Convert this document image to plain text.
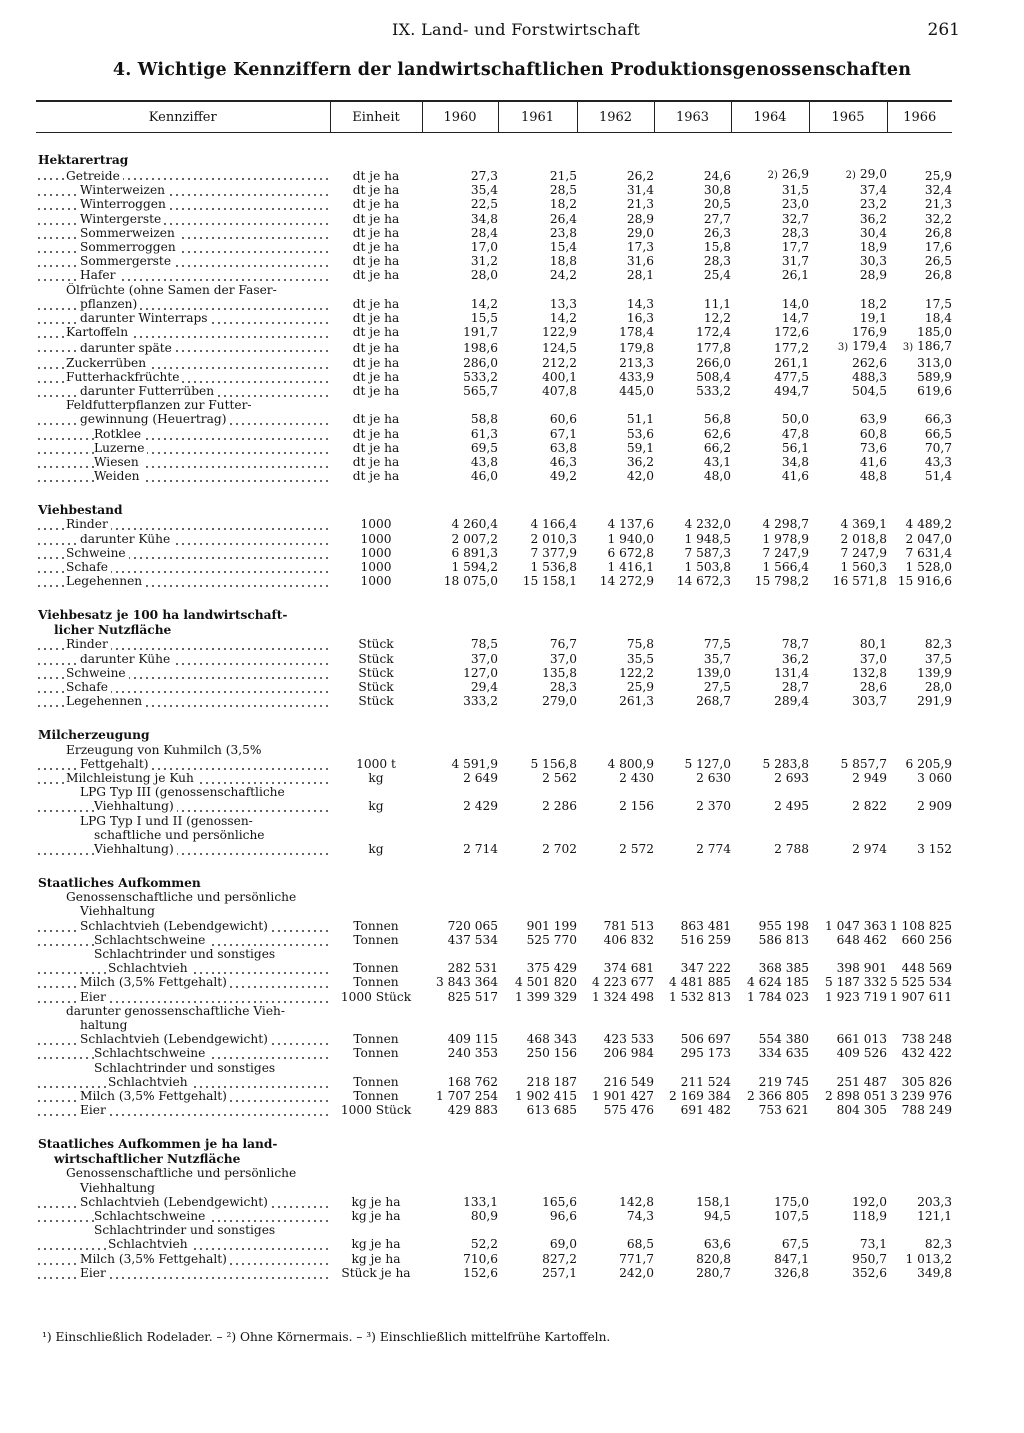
IX. Land- und Forstwirtschaft	261
4. Wichtige Kennziffern der landwirtschaftlichen Produktionsgenossenschaften
Kennziffer	Einheit	1960	1961	1962	1963	1964	1965	1966

Hektarertrag								
Getreide	dt je ha	27,3	21,5	26,2	24,6	2) 26,9	2) 29,0	25,9
Winterweizen	dt je ha	35,4	28,5	31,4	30,8	31,5	37,4	32,4
Winterroggen	dt je ha	22,5	18,2	21,3	20,5	23,0	23,2	21,3
Wintergerste	dt je ha	34,8	26,4	28,9	27,7	32,7	36,2	32,2
Sommerweizen	dt je ha	28,4	23,8	29,0	26,3	28,3	30,4	26,8
Sommerroggen	dt je ha	17,0	15,4	17,3	15,8	17,7	18,9	17,6
Sommergerste	dt je ha	31,2	18,8	31,6	28,3	31,7	30,3	26,5
Hafer	dt je ha	28,0	24,2	28,1	25,4	26,1	28,9	26,8
Ölfrüchte (ohne Samen der Faser-								
pflanzen)	dt je ha	14,2	13,3	14,3	11,1	14,0	18,2	17,5
darunter Winterraps	dt je ha	15,5	14,2	16,3	12,2	14,7	19,1	18,4
Kartoffeln	dt je ha	191,7	122,9	178,4	172,4	172,6	176,9	185,0
darunter späte	dt je ha	198,6	124,5	179,8	177,8	177,2	3) 179,4	3) 186,7
Zuckerrüben	dt je ha	286,0	212,2	213,3	266,0	261,1	262,6	313,0
Futterhackfrüchte	dt je ha	533,2	400,1	433,9	508,4	477,5	488,3	589,9
darunter Futterrüben	dt je ha	565,7	407,8	445,0	533,2	494,7	504,5	619,6
Feldfutterpflanzen zur Futter-								
gewinnung (Heuertrag)	dt je ha	58,8	60,6	51,1	56,8	50,0	63,9	66,3
Rotklee	dt je ha	61,3	67,1	53,6	62,6	47,8	60,8	66,5
Luzerne	dt je ha	69,5	63,8	59,1	66,2	56,1	73,6	70,7
Wiesen	dt je ha	43,8	46,3	36,2	43,1	34,8	41,6	43,3
Weiden	dt je ha	46,0	49,2	42,0	48,0	41,6	48,8	51,4

Viehbestand								
Rinder	1000	4 260,4	4 166,4	4 137,6	4 232,0	4 298,7	4 369,1	4 489,2
darunter Kühe	1000	2 007,2	2 010,3	1 940,0	1 948,5	1 978,9	2 018,8	2 047,0
Schweine	1000	6 891,3	7 377,9	6 672,8	7 587,3	7 247,9	7 247,9	7 631,4
Schafe	1000	1 594,2	1 536,8	1 416,1	1 503,8	1 566,4	1 560,3	1 528,0
Legehennen	1000	18 075,0	15 158,1	14 272,9	14 672,3	15 798,2	16 571,8	15 916,6

Viehbesatz je 100 ha landwirtschaft-								
licher Nutzfläche								
Rinder	Stück	78,5	76,7	75,8	77,5	78,7	80,1	82,3
darunter Kühe	Stück	37,0	37,0	35,5	35,7	36,2	37,0	37,5
Schweine	Stück	127,0	135,8	122,2	139,0	131,4	132,8	139,9
Schafe	Stück	29,4	28,3	25,9	27,5	28,7	28,6	28,0
Legehennen	Stück	333,2	279,0	261,3	268,7	289,4	303,7	291,9

Milcherzeugung								
Erzeugung von Kuhmilch (3,5%								
Fettgehalt)	1000 t	4 591,9	5 156,8	4 800,9	5 127,0	5 283,8	5 857,7	6 205,9
Milchleistung je Kuh	kg	2 649	2 562	2 430	2 630	2 693	2 949	3 060
LPG Typ III (genossenschaftliche								
Viehhaltung)	kg	2 429	2 286	2 156	2 370	2 495	2 822	2 909
LPG Typ I und II (genossen-								
schaftliche und persönliche								
Viehhaltung)	kg	2 714	2 702	2 572	2 774	2 788	2 974	3 152

Staatliches Aufkommen								
Genossenschaftliche und persönliche								
Viehhaltung								
Schlachtvieh (Lebendgewicht)	Tonnen	720 065	901 199	781 513	863 481	955 198	1 047 363	1 108 825
Schlachtschweine	Tonnen	437 534	525 770	406 832	516 259	586 813	648 462	660 256
Schlachtrinder und sonstiges								
Schlachtvieh	Tonnen	282 531	375 429	374 681	347 222	368 385	398 901	448 569
Milch (3,5% Fettgehalt)	Tonnen	3 843 364	4 501 820	4 223 677	4 481 885	4 624 185	5 187 332	5 525 534
Eier	1000 Stück	825 517	1 399 329	1 324 498	1 532 813	1 784 023	1 923 719	1 907 611
darunter genossenschaftliche Vieh-								
haltung								
Schlachtvieh (Lebendgewicht)	Tonnen	409 115	468 343	423 533	506 697	554 380	661 013	738 248
Schlachtschweine	Tonnen	240 353	250 156	206 984	295 173	334 635	409 526	432 422
Schlachtrinder und sonstiges								
Schlachtvieh	Tonnen	168 762	218 187	216 549	211 524	219 745	251 487	305 826
Milch (3,5% Fettgehalt)	Tonnen	1 707 254	1 902 415	1 901 427	2 169 384	2 366 805	2 898 051	3 239 976
Eier	1000 Stück	429 883	613 685	575 476	691 482	753 621	804 305	788 249

Staatliches Aufkommen je ha land-								
wirtschaftlicher Nutzfläche								
Genossenschaftliche und persönliche								
Viehhaltung								
Schlachtvieh (Lebendgewicht)	kg je ha	133,1	165,6	142,8	158,1	175,0	192,0	203,3
Schlachtschweine	kg je ha	80,9	96,6	74,3	94,5	107,5	118,9	121,1
Schlachtrinder und sonstiges								
Schlachtvieh	kg je ha	52,2	69,0	68,5	63,6	67,5	73,1	82,3
Milch (3,5% Fettgehalt)	kg je ha	710,6	827,2	771,7	820,8	847,1	950,7	1 013,2
Eier	Stück je ha	152,6	257,1	242,0	280,7	326,8	352,6	349,8
¹) Einschließlich Rodelader. – ²) Ohne Körnermais. – ³) Einschließlich mittelfrühe Kartoffeln.
